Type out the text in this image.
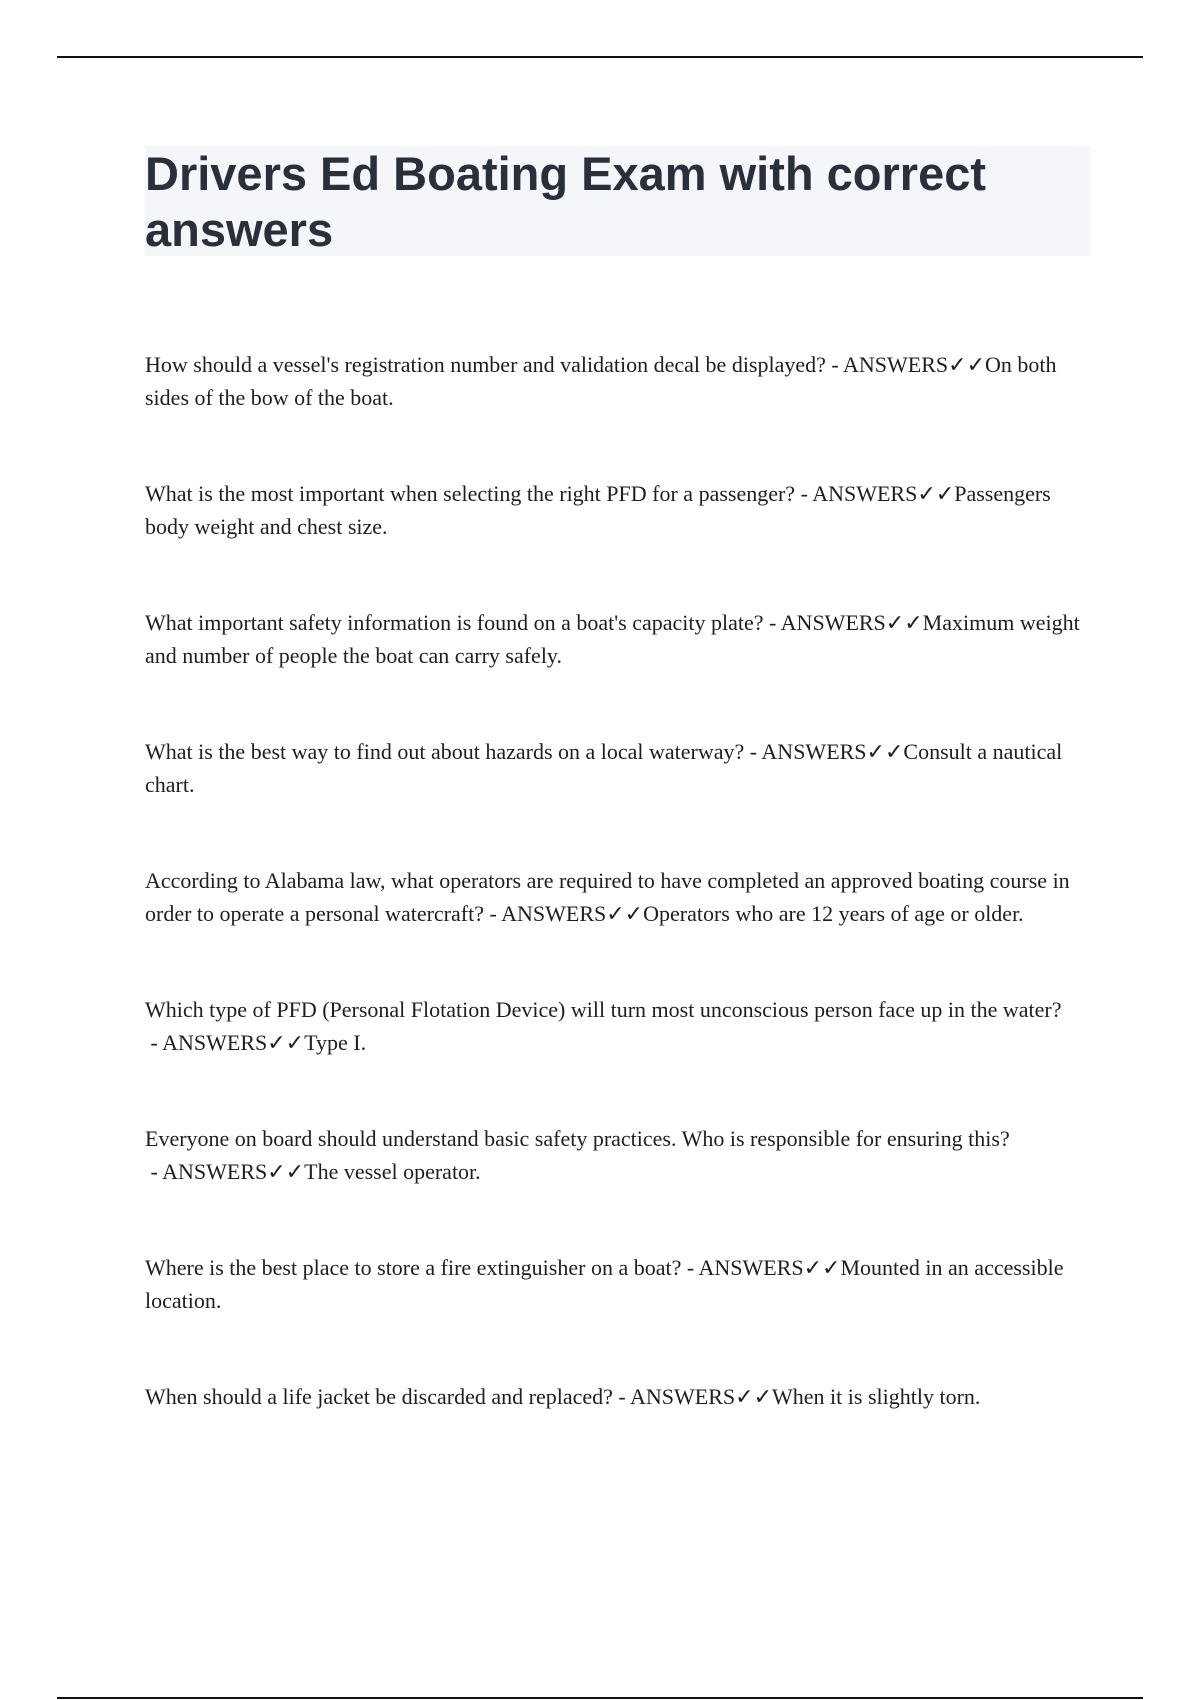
Drivers Ed Boating Exam with correct answers

How should a vessel's registration number and validation decal be displayed? - ANSWERS✓✓On both sides of the bow of the boat.

What is the most important when selecting the right PFD for a passenger? - ANSWERS✓✓Passengers body weight and chest size.

What important safety information is found on a boat's capacity plate? - ANSWERS✓✓Maximum weight and number of people the boat can carry safely.

What is the best way to find out about hazards on a local waterway? - ANSWERS✓✓Consult a nautical chart.

According to Alabama law, what operators are required to have completed an approved boating course in order to operate a personal watercraft? - ANSWERS✓✓Operators who are 12 years of age or older.

Which type of PFD (Personal Flotation Device) will turn most unconscious person face up in the water? - ANSWERS✓✓Type I.

Everyone on board should understand basic safety practices. Who is responsible for ensuring this? - ANSWERS✓✓The vessel operator.

Where is the best place to store a fire extinguisher on a boat? - ANSWERS✓✓Mounted in an accessible location.

When should a life jacket be discarded and replaced? - ANSWERS✓✓When it is slightly torn.
